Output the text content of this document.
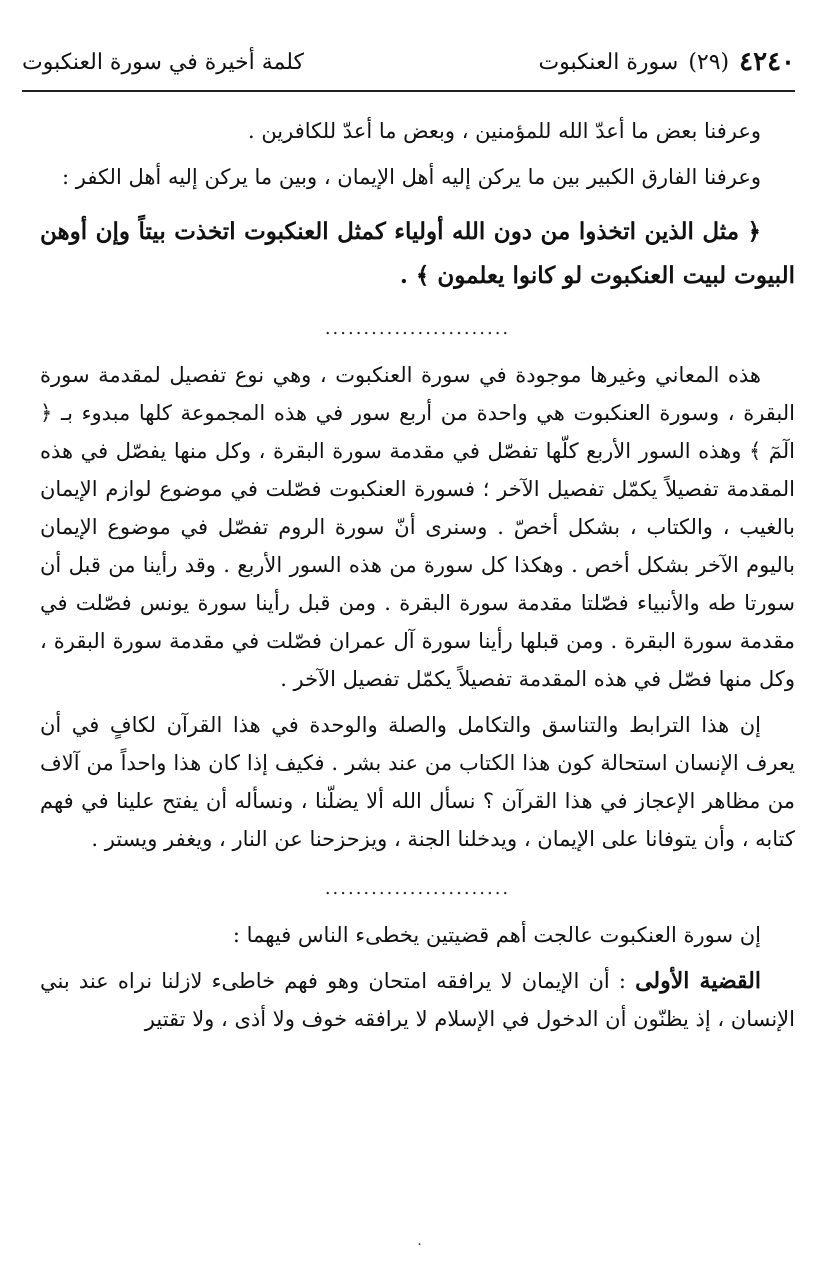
٤٢٤٠
(٢٩)
سورة العنكبوت
كلمة أخيرة في سورة العنكبوت

وعرفنا بعض ما أعدّ الله للمؤمنين ، وبعض ما أعدّ للكافرين .

وعرفنا الفارق الكبير بين ما يركن إليه أهل الإيمان ، وبين ما يركن إليه أهل الكفر :

﴿ مثل الذين اتخذوا من دون الله أولياء كمثل العنكبوت اتخذت بيتاً وإن أوهن البيوت لبيت العنكبوت لو كانوا يعلمون ﴾ .

........................

هذه المعاني وغيرها موجودة في سورة العنكبوت ، وهي نوع تفصيل لمقدمة سورة البقرة ، وسورة العنكبوت هي واحدة من أربع سور في هذه المجموعة كلها مبدوء بـ ﴿ الٓمٓ ﴾ وهذه السور الأربع كلّها تفصّل في مقدمة سورة البقرة ، وكل منها يفصّل في هذه المقدمة تفصيلاً يكمّل تفصيل الآخر ؛ فسورة العنكبوت فصّلت في موضوع لوازم الإيمان بالغيب ، والكتاب ، بشكل أخصّ . وسنرى أنّ سورة الروم تفصّل في موضوع الإيمان باليوم الآخر بشكل أخص . وهكذا كل سورة من هذه السور الأربع . وقد رأينا من قبل أن سورتا طه والأنبياء فصّلتا مقدمة سورة البقرة . ومن قبل رأينا سورة يونس فصّلت في مقدمة سورة البقرة . ومن قبلها رأينا سورة آل عمران فصّلت في مقدمة سورة البقرة ، وكل منها فصّل في هذه المقدمة تفصيلاً يكمّل تفصيل الآخر .

إن هذا الترابط والتناسق والتكامل والصلة والوحدة في هذا القرآن لكافٍ في أن يعرف الإنسان استحالة كون هذا الكتاب من عند بشر . فكيف إذا كان هذا واحداً من آلاف من مظاهر الإعجاز في هذا القرآن ؟ نسأل الله ألا يضلّنا ، ونسأله أن يفتح علينا في فهم كتابه ، وأن يتوفانا على الإيمان ، ويدخلنا الجنة ، ويزحزحنا عن النار ، ويغفر ويستر .

........................

إن سورة العنكبوت عالجت أهم قضيتين يخطىء الناس فيهما :

القضية الأولى : أن الإيمان لا يرافقه امتحان وهو فهم خاطىء لازلنا نراه عند بني الإنسان ، إذ يظنّون أن الدخول في الإسلام لا يرافقه خوف ولا أذى ، ولا تقتير

.
